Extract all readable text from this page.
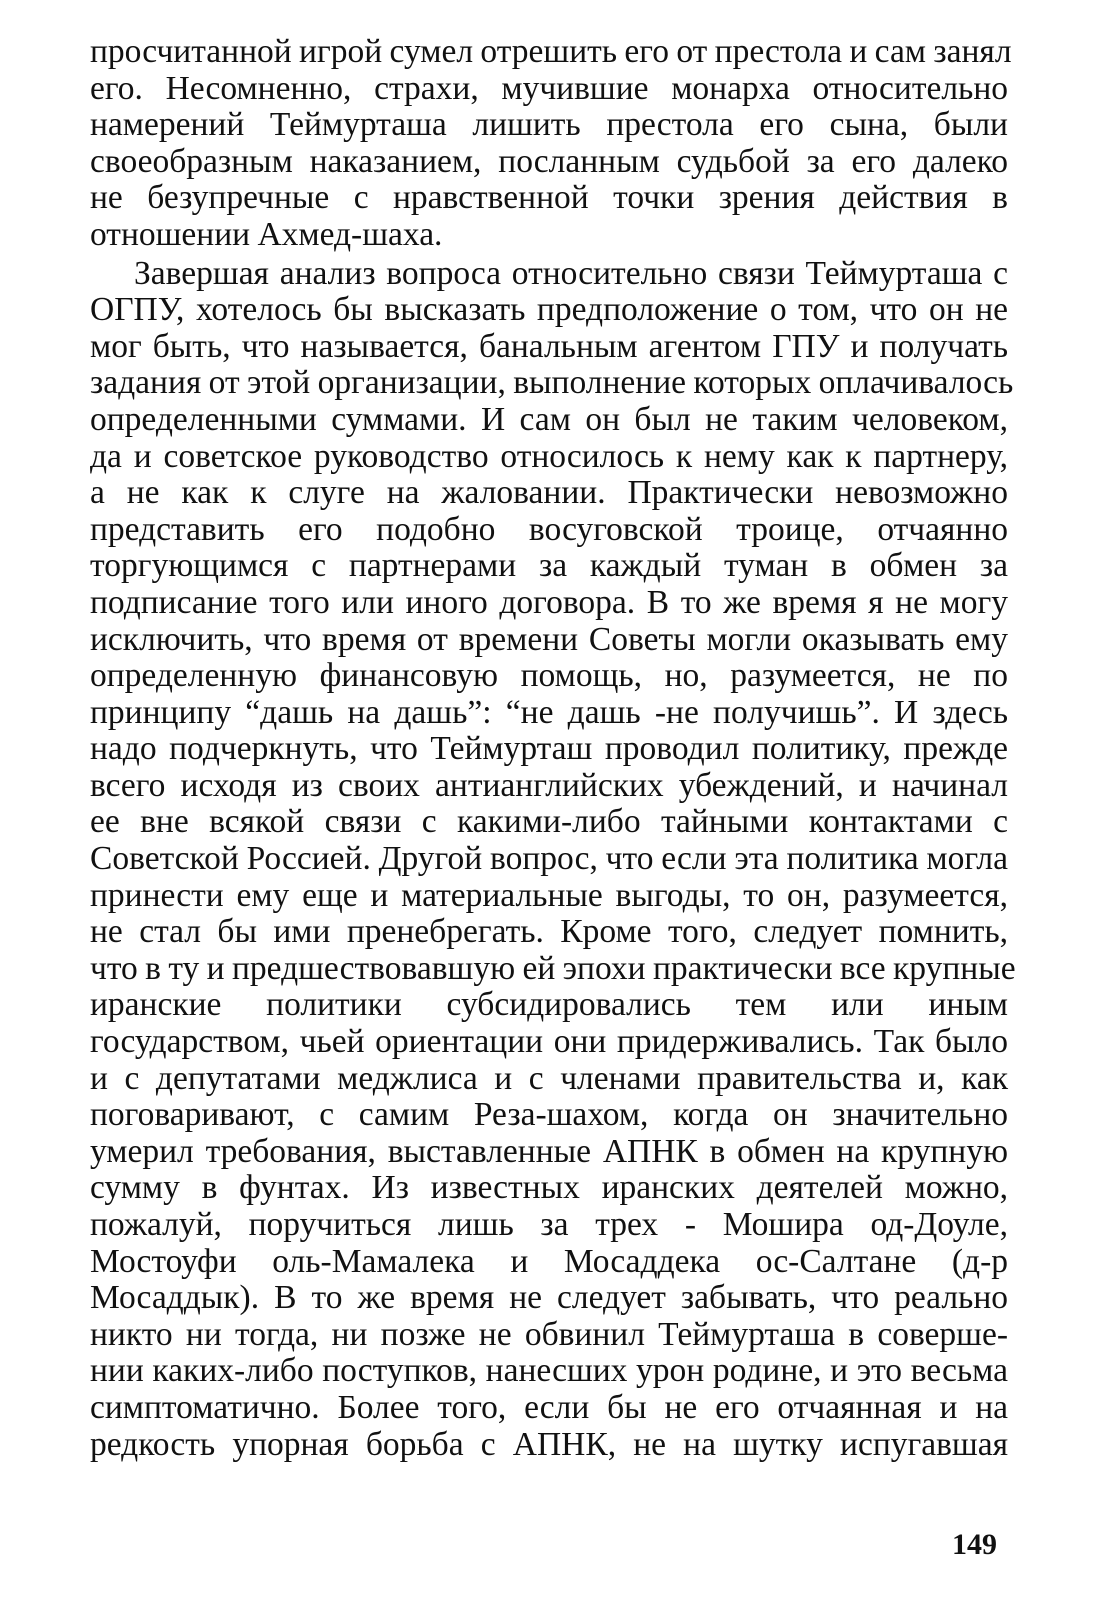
просчитанной игрой сумел отрешить его от престола и сам занял
его. Несомненно, страхи, мучившие монарха относительно
намерений Теймурташа лишить престола его сына, были
своеобразным наказанием, посланным судьбой за его далеко
не безупречные с нравственной точки зрения действия в
отношении Ахмед-шаха.
Завершая анализ вопроса относительно связи Теймурташа с
ОГПУ, хотелось бы высказать предположение о том, что он не
мог быть, что называется, банальным агентом ГПУ и получать
задания от этой организации, выполнение которых оплачивалось
определенными суммами. И сам он был не таким человеком,
да и советское руководство относилось к нему как к партнеру,
а не как к слуге на жаловании. Практически невозможно
представить его подобно восуговской троице, отчаянно
торгующимся с партнерами за каждый туман в обмен за
подписание того или иного договора. В то же время я не могу
исключить, что время от времени Советы могли оказывать ему
определенную финансовую помощь, но, разумеется, не по
принципу “дашь на дашь”: “не дашь -не получишь”. И здесь
надо подчеркнуть, что Теймурташ проводил политику, прежде
всего исходя из своих антианглийских убеждений, и начинал
ее вне всякой связи с какими-либо тайными контактами с
Советской Россией. Другой вопрос, что если эта политика могла
принести ему еще и материальные выгоды, то он, разумеется,
не стал бы ими пренебрегать. Кроме того, следует помнить,
что в ту и предшествовавшую ей эпохи практически все крупные
иранские политики субсидировались тем или иным
государством, чьей ориентации они придерживались. Так было
и с депутатами меджлиса и с членами правительства и, как
поговаривают, с самим Реза-шахом, когда он значительно
умерил требования, выставленные АПНК в обмен на крупную
сумму в фунтах. Из известных иранских деятелей можно,
пожалуй, поручиться лишь за трех - Мошира од-Доуле,
Мостоуфи оль-Мамалека и Мосаддека ос-Салтане (д-р
Мосаддык). В то же время не следует забывать, что реально
никто ни тогда, ни позже не обвинил Теймурташа в соверше-
нии каких-либо поступков, нанесших урон родине, и это весьма
симптоматично. Более того, если бы не его отчаянная и на
редкость упорная борьба с АПНК, не на шутку испугавшая
149
